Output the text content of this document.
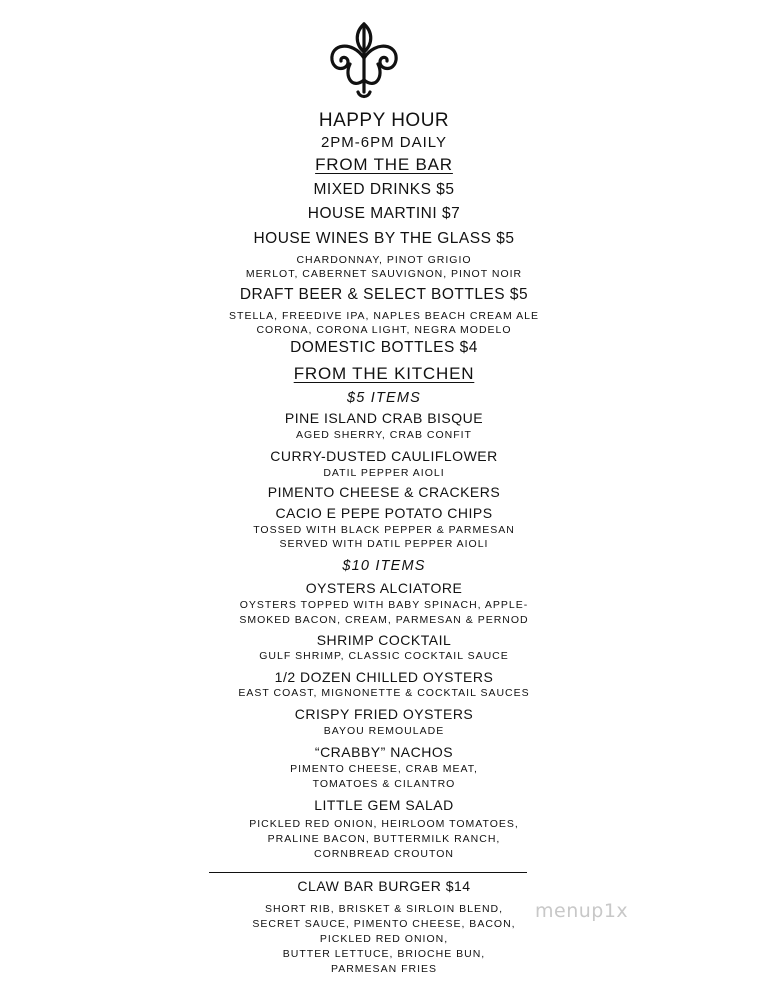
HAPPY HOUR
2PM-6PM DAILY
FROM THE BAR
MIXED DRINKS $5
HOUSE MARTINI $7
HOUSE WINES BY THE GLASS $5
CHARDONNAY, PINOT GRIGIO
MERLOT, CABERNET SAUVIGNON, PINOT NOIR
DRAFT BEER & SELECT BOTTLES $5
STELLA, FREEDIVE IPA, NAPLES BEACH CREAM ALE
CORONA, CORONA LIGHT, NEGRA MODELO
DOMESTIC BOTTLES $4
FROM THE KITCHEN
$5 ITEMS
PINE ISLAND CRAB BISQUE
AGED SHERRY, CRAB CONFIT
CURRY-DUSTED CAULIFLOWER
DATIL PEPPER AIOLI
PIMENTO CHEESE & CRACKERS
CACIO E PEPE POTATO CHIPS
TOSSED WITH BLACK PEPPER & PARMESAN
SERVED WITH DATIL PEPPER AIOLI
$10 ITEMS
OYSTERS ALCIATORE
OYSTERS TOPPED WITH BABY SPINACH, APPLE-
SMOKED BACON, CREAM, PARMESAN & PERNOD
SHRIMP COCKTAIL
GULF SHRIMP, CLASSIC COCKTAIL SAUCE
1/2 DOZEN CHILLED OYSTERS
EAST COAST, MIGNONETTE & COCKTAIL SAUCES
CRISPY FRIED OYSTERS
BAYOU REMOULADE
“CRABBY” NACHOS
PIMENTO CHEESE, CRAB MEAT,
TOMATOES & CILANTRO
LITTLE GEM SALAD
PICKLED RED ONION, HEIRLOOM TOMATOES,
PRALINE BACON, BUTTERMILK RANCH,
CORNBREAD CROUTON
CLAW BAR BURGER $14
SHORT RIB, BRISKET & SIRLOIN BLEND,
SECRET SAUCE, PIMENTO CHEESE, BACON,
PICKLED RED ONION,
BUTTER LETTUCE, BRIOCHE BUN,
PARMESAN FRIES
menup1x
